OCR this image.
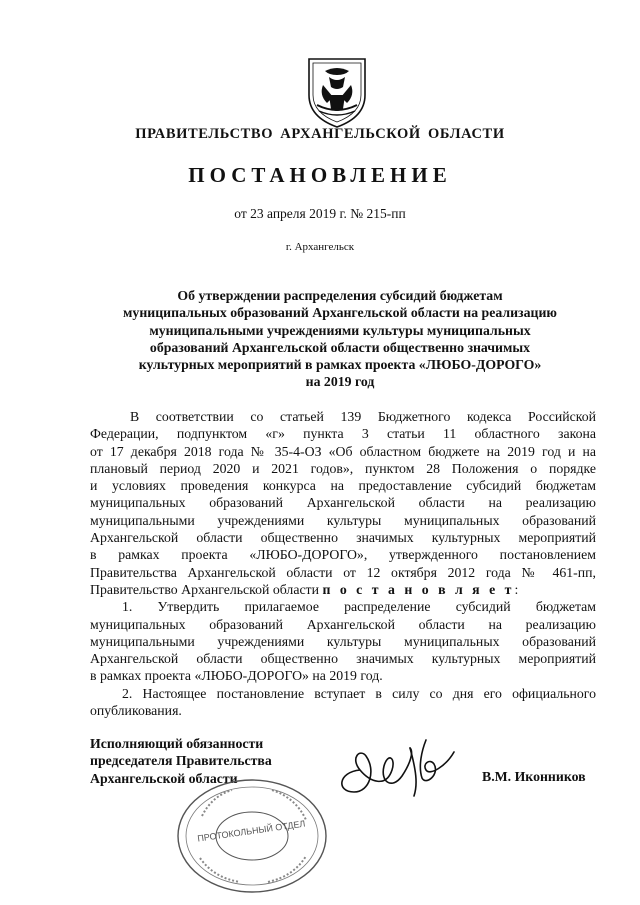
ПРАВИТЕЛЬСТВО АРХАНГЕЛЬСКОЙ ОБЛАСТИ
ПОСТАНОВЛЕНИЕ
от 23 апреля 2019 г. № 215-пп
г. Архангельск
Об утверждении распределения субсидий бюджетам
муниципальных образований Архангельской области на реализацию
муниципальными учреждениями культуры муниципальных
образований Архангельской области общественно значимых
культурных мероприятий в рамках проекта «ЛЮБО-ДОРОГО»
на 2019 год
В соответствии со статьей 139 Бюджетного кодекса Российской
Федерации, подпунктом «г» пункта 3 статьи 11 областного закона
от 17 декабря 2018 года № 35-4-ОЗ «Об областном бюджете на 2019 год и на
плановый период 2020 и 2021 годов», пунктом 28 Положения о порядке
и условиях проведения конкурса на предоставление субсидий бюджетам
муниципальных образований Архангельской области на реализацию
муниципальными учреждениями культуры муниципальных образований
Архангельской области общественно значимых культурных мероприятий
в рамках проекта «ЛЮБО-ДОРОГО», утвержденного постановлением
Правительства Архангельской области от 12 октября 2012 года № 461-пп,
Правительство Архангельской области п о с т а н о в л я е т:
1. Утвердить прилагаемое распределение субсидий бюджетам
муниципальных образований Архангельской области на реализацию
муниципальными учреждениями культуры муниципальных образований
Архангельской области общественно значимых культурных мероприятий
в рамках проекта «ЛЮБО-ДОРОГО» на 2019 год.
2. Настоящее постановление вступает в силу со дня его официального
опубликования.
Исполняющий обязанности
председателя Правительства
Архангельской области	В.М. Иконников
ПРОТОКОЛЬНЫЙ ОТДЕЛ
